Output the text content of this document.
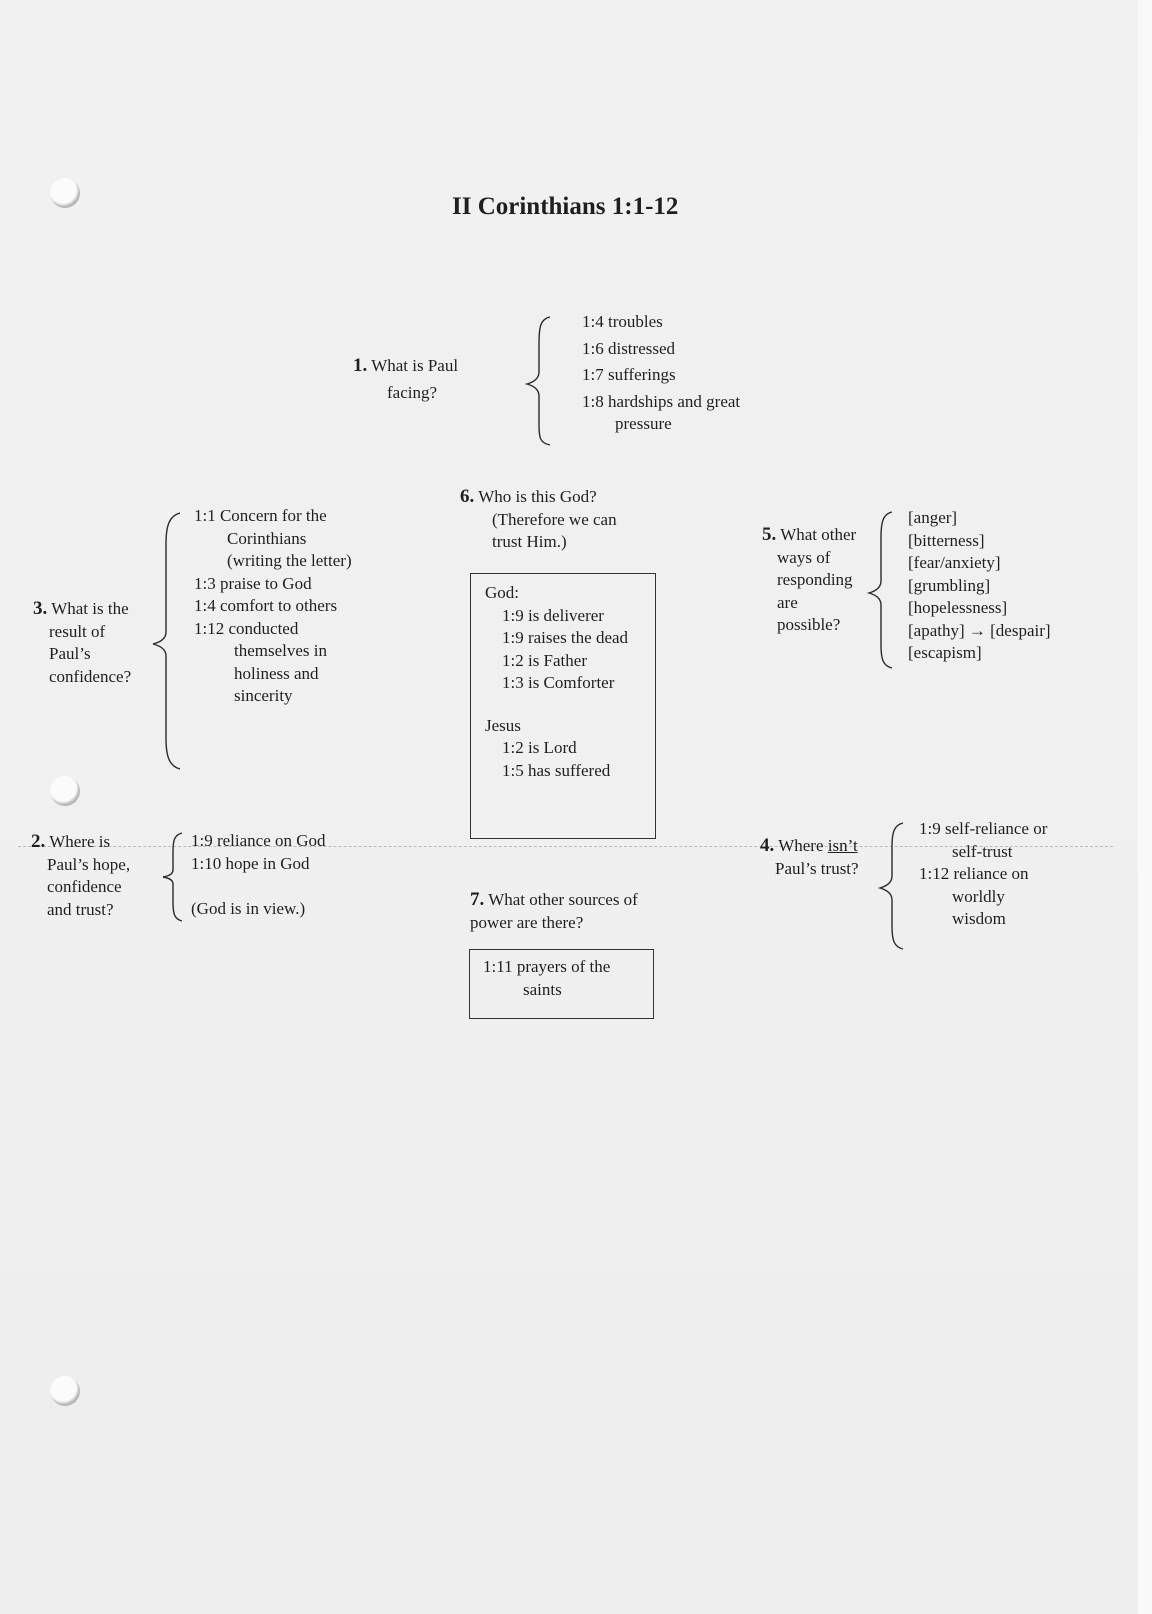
II Corinthians 1:1-12
1. What is Paul
facing?
1:4 troubles
1:6 distressed
1:7 sufferings
1:8 hardships and great
pressure
6. Who is this God?
(Therefore we can
trust Him.)
God:
1:9 is deliverer
1:9 raises the dead
1:2 is Father
1:3 is Comforter
Jesus
1:2 is Lord
1:5 has suffered
3. What is the
result of
Paul’s
confidence?
1:1 Concern for the
Corinthians
(writing the letter)
1:3 praise to God
1:4 comfort to others
1:12 conducted
themselves in
holiness and
sincerity
5. What other
ways of
responding
are
possible?
[anger]
[bitterness]
[fear/anxiety]
[grumbling]
[hopelessness]
[apathy] → [despair]
[escapism]
2. Where is
Paul’s hope,
confidence
and trust?
1:9 reliance on God
1:10 hope in God
(God is in view.)
4. Where isn’t
Paul’s trust?
1:9 self-reliance or
self-trust
1:12 reliance on
worldly
wisdom
7. What other sources of
power are there?
1:11 prayers of the
saints
